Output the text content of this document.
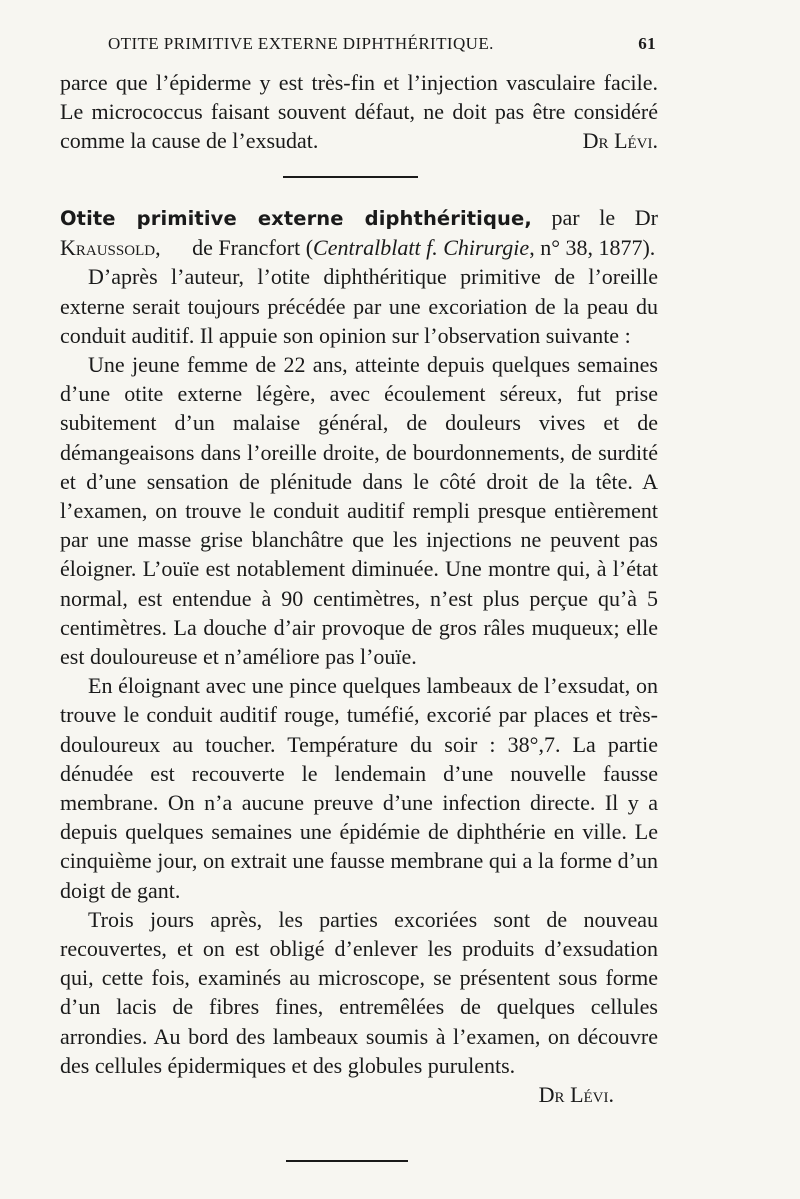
OTITE PRIMITIVE EXTERNE DIPHTHÉRITIQUE.	61

parce que l’épiderme y est très-fin et l’injection vasculaire facile. Le micrococcus faisant souvent défaut, ne doit pas être considéré comme la cause de l’exsudat.	Dr Lévi.

Otite primitive externe diphthéritique, par le Dr Kraussold, de Francfort (Centralblatt f. Chirurgie, n° 38, 1877).

D’après l’auteur, l’otite diphthéritique primitive de l’oreille externe serait toujours précédée par une excoriation de la peau du conduit auditif. Il appuie son opinion sur l’observation suivante :

Une jeune femme de 22 ans, atteinte depuis quelques semaines d’une otite externe légère, avec écoulement séreux, fut prise subitement d’un malaise général, de douleurs vives et de démangeaisons dans l’oreille droite, de bourdonnements, de surdité et d’une sensation de plénitude dans le côté droit de la tête. A l’examen, on trouve le conduit auditif rempli presque entièrement par une masse grise blanchâtre que les injections ne peuvent pas éloigner. L’ouïe est notablement diminuée. Une montre qui, à l’état normal, est entendue à 90 centimètres, n’est plus perçue qu’à 5 centimètres. La douche d’air provoque de gros râles muqueux; elle est douloureuse et n’améliore pas l’ouïe.

En éloignant avec une pince quelques lambeaux de l’exsudat, on trouve le conduit auditif rouge, tuméfié, excorié par places et très-douloureux au toucher. Température du soir : 38°,7. La partie dénudée est recouverte le lendemain d’une nouvelle fausse membrane. On n’a aucune preuve d’une infection directe. Il y a depuis quelques semaines une épidémie de diphthérie en ville. Le cinquième jour, on extrait une fausse membrane qui a la forme d’un doigt de gant.

Trois jours après, les parties excoriées sont de nouveau recouvertes, et on est obligé d’enlever les produits d’exsudation qui, cette fois, examinés au microscope, se présentent sous forme d’un lacis de fibres fines, entremêlées de quelques cellules arrondies. Au bord des lambeaux soumis à l’examen, on découvre des cellules épidermiques et des globules purulents.
Dr Lévi.
